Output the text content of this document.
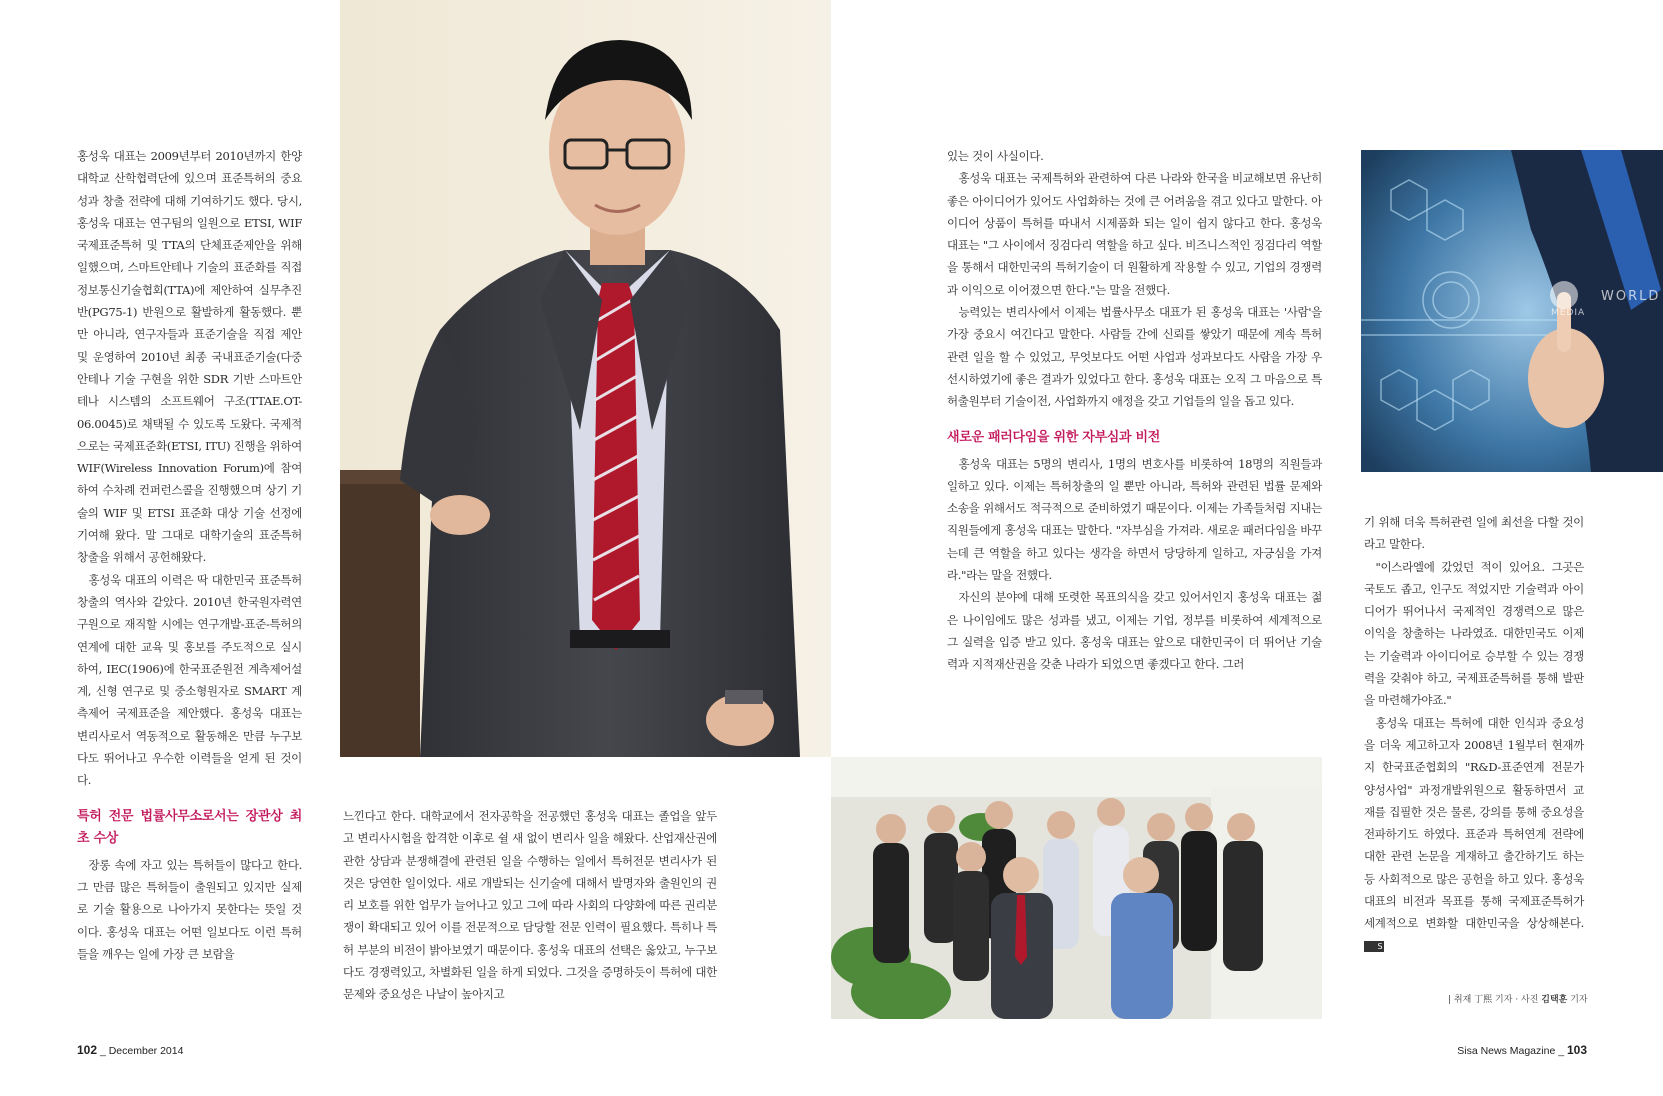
홍성욱 대표는 2009년부터 2010년까지 한양대학교 산학협력단에 있으며 표준특허의 중요성과 창출 전략에 대해 기여하기도 했다. 당시, 홍성욱 대표는 연구팀의 일원으로 ETSI, WIF 국제표준특허 및 TTA의 단체표준제안을 위해 일했으며, 스마트안테나 기술의 표준화를 직접 정보통신기술협회(TTA)에 제안하여 실무추진반(PG75-1) 반원으로 활발하게 활동했다. 뿐만 아니라, 연구자들과 표준기술을 직접 제안 및 운영하여 2010년 최종 국내표준기술(다중안테나 기술 구현을 위한 SDR 기반 스마트안테나 시스템의 소프트웨어 구조(TTAE.OT-06.0045)로 채택될 수 있도록 도왔다. 국제적으로는 국제표준화(ETSI, ITU) 진행을 위하여 WIF(Wireless Innovation Forum)에 참여하여 수차례 컨퍼런스콜을 진행했으며 상기 기술의 WIF 및 ETSI 표준화 대상 기술 선정에 기여해 왔다. 말 그대로 대학기술의 표준특허 창출을 위해서 공헌해왔다.

홍성욱 대표의 이력은 딱 대한민국 표준특허 창출의 역사와 같았다. 2010년 한국원자력연구원으로 재직할 시에는 연구개발-표준-특허의 연계에 대한 교육 및 홍보를 주도적으로 실시하여, IEC(1906)에 한국표준원전 계측제어설계, 신형 연구로 및 중소형원자로 SMART 계측제어 국제표준을 제안했다. 홍성욱 대표는 변리사로서 역동적으로 활동해온 만큼 누구보다도 뛰어나고 우수한 이력들을 얻게 된 것이다.

특허 전문 법률사무소로서는 장관상 최초 수상

장롱 속에 자고 있는 특허들이 많다고 한다. 그 만큼 많은 특허들이 출원되고 있지만 실제로 기술 활용으로 나아가지 못한다는 뜻일 것이다. 홍성욱 대표는 어떤 일보다도 이런 특허들을 깨우는 일에 가장 큰 보람을

느낀다고 한다. 대학교에서 전자공학을 전공했던 홍성욱 대표는 졸업을 앞두고 변리사시험을 합격한 이후로 쉴 새 없이 변리사 일을 해왔다. 산업재산권에 관한 상담과 분쟁해결에 관련된 일을 수행하는 일에서 특허전문 변리사가 된 것은 당연한 일이었다. 새로 개발되는 신기술에 대해서 발명자와 출원인의 권리 보호를 위한 업무가 늘어나고 있고 그에 따라 사회의 다양화에 따른 권리분쟁이 확대되고 있어 이를 전문적으로 담당할 전문 인력이 필요했다. 특히나 특허 부분의 비전이 밝아보였기 때문이다. 홍성욱 대표의 선택은 옳았고, 누구보다도 경쟁력있고, 차별화된 일을 하게 되었다. 그것을 증명하듯이 특허에 대한 문제와 중요성은 나날이 높아지고

102 _ December 2014

있는 것이 사실이다.

홍성욱 대표는 국제특허와 관련하여 다른 나라와 한국을 비교해보면 유난히 좋은 아이디어가 있어도 사업화하는 것에 큰 어려움을 겪고 있다고 말한다. 아이디어 상품이 특허를 따내서 시제품화 되는 일이 쉽지 않다고 한다. 홍성욱 대표는 "그 사이에서 징검다리 역할을 하고 싶다. 비즈니스적인 징검다리 역할을 통해서 대한민국의 특허기술이 더 원활하게 작용할 수 있고, 기업의 경쟁력과 이익으로 이어졌으면 한다."는 말을 전했다.

능력있는 변리사에서 이제는 법률사무소 대표가 된 홍성욱 대표는 '사람'을 가장 중요시 여긴다고 말한다. 사람들 간에 신뢰를 쌓았기 때문에 계속 특허 관련 일을 할 수 있었고, 무엇보다도 어떤 사업과 성과보다도 사람을 가장 우선시하였기에 좋은 결과가 있었다고 한다. 홍성욱 대표는 오직 그 마음으로 특허출원부터 기술이전, 사업화까지 애정을 갖고 기업들의 일을 돕고 있다.

새로운 패러다임을 위한 자부심과 비전

홍성욱 대표는 5명의 변리사, 1명의 변호사를 비롯하여 18명의 직원들과 일하고 있다. 이제는 특허창출의 일 뿐만 아니라, 특허와 관련된 법률 문제와 소송을 위해서도 적극적으로 준비하였기 때문이다. 이제는 가족들처럼 지내는 직원들에게 홍성욱 대표는 말한다. "자부심을 가져라. 새로운 패러다임을 바꾸는데 큰 역할을 하고 있다는 생각을 하면서 당당하게 일하고, 자긍심을 가져라."라는 말을 전했다.

자신의 분야에 대해 또렷한 목표의식을 갖고 있어서인지 홍성욱 대표는 젊은 나이임에도 많은 성과를 냈고, 이제는 기업, 정부를 비롯하여 세계적으로 그 실력을 입증 받고 있다. 홍성욱 대표는 앞으로 대한민국이 더 뛰어난 기술력과 지적재산권을 갖춘 나라가 되었으면 좋겠다고 한다. 그러

WORLD
MEDIA

기 위해 더욱 특허관련 일에 최선을 다할 것이라고 말한다.

"이스라엘에 갔었던 적이 있어요. 그곳은 국토도 좁고, 인구도 적었지만 기술력과 아이디어가 뛰어나서 국제적인 경쟁력으로 많은 이익을 창출하는 나라였죠. 대한민국도 이제는 기술력과 아이디어로 승부할 수 있는 경쟁력을 갖춰야 하고, 국제표준특허를 통해 발판을 마련해가야죠."

홍성욱 대표는 특허에 대한 인식과 중요성을 더욱 제고하고자 2008년 1월부터 현재까지 한국표준협회의 "R&D-표준연계 전문가 양성사업" 과정개발위원으로 활동하면서 교재를 집필한 것은 물론, 강의를 통해 중요성을 전파하기도 하였다. 표준과 특허연계 전략에 대한 관련 논문을 게재하고 출간하기도 하는 등 사회적으로 많은 공헌을 하고 있다. 홍성욱 대표의 비전과 목표를 통해 국제표준특허가 세계적으로 변화할 대한민국을 상상해본다. S

| 취재 丁熙 기자 · 사진 김택훈 기자
Sisa News Magazine _ 103
